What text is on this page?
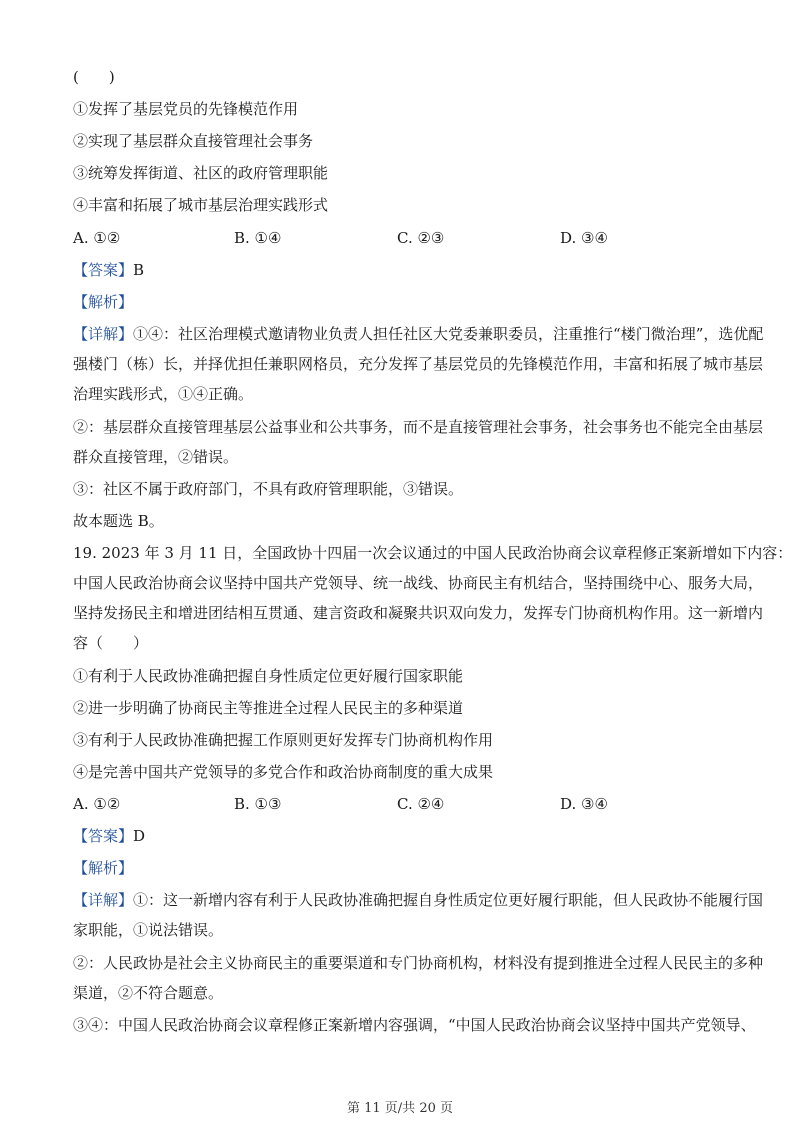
(　　)
①发挥了基层党员的先锋模范作用
②实现了基层群众直接管理社会事务
③统筹发挥街道、社区的政府管理职能
④丰富和拓展了城市基层治理实践形式
A. ①②	B. ①④	C. ②③	D. ③④
【答案】B
【解析】
【详解】①④：社区治理模式邀请物业负责人担任社区大党委兼职委员，注重推行“楼门微治理”，选优配
强楼门（栋）长，并择优担任兼职网格员，充分发挥了基层党员的先锋模范作用，丰富和拓展了城市基层
治理实践形式，①④正确。
②：基层群众直接管理基层公益事业和公共事务，而不是直接管理社会事务，社会事务也不能完全由基层
群众直接管理，②错误。
③：社区不属于政府部门，不具有政府管理职能，③错误。
故本题选 B。
19. 2023 年 3 月 11 日，全国政协十四届一次会议通过的中国人民政治协商会议章程修正案新增如下内容：
中国人民政治协商会议坚持中国共产党领导、统一战线、协商民主有机结合，坚持围绕中心、服务大局，
坚持发扬民主和增进团结相互贯通、建言资政和凝聚共识双向发力，发挥专门协商机构作用。这一新增内
容（　　）
①有利于人民政协准确把握自身性质定位更好履行国家职能
②进一步明确了协商民主等推进全过程人民民主的多种渠道
③有利于人民政协准确把握工作原则更好发挥专门协商机构作用
④是完善中国共产党领导的多党合作和政治协商制度的重大成果
A. ①②	B. ①③	C. ②④	D. ③④
【答案】D
【解析】
【详解】①：这一新增内容有利于人民政协准确把握自身性质定位更好履行职能，但人民政协不能履行国
家职能，①说法错误。
②：人民政协是社会主义协商民主的重要渠道和专门协商机构，材料没有提到推进全过程人民民主的多种
渠道，②不符合题意。
③④：中国人民政治协商会议章程修正案新增内容强调，“中国人民政治协商会议坚持中国共产党领导、
第 11 页/共 20 页
